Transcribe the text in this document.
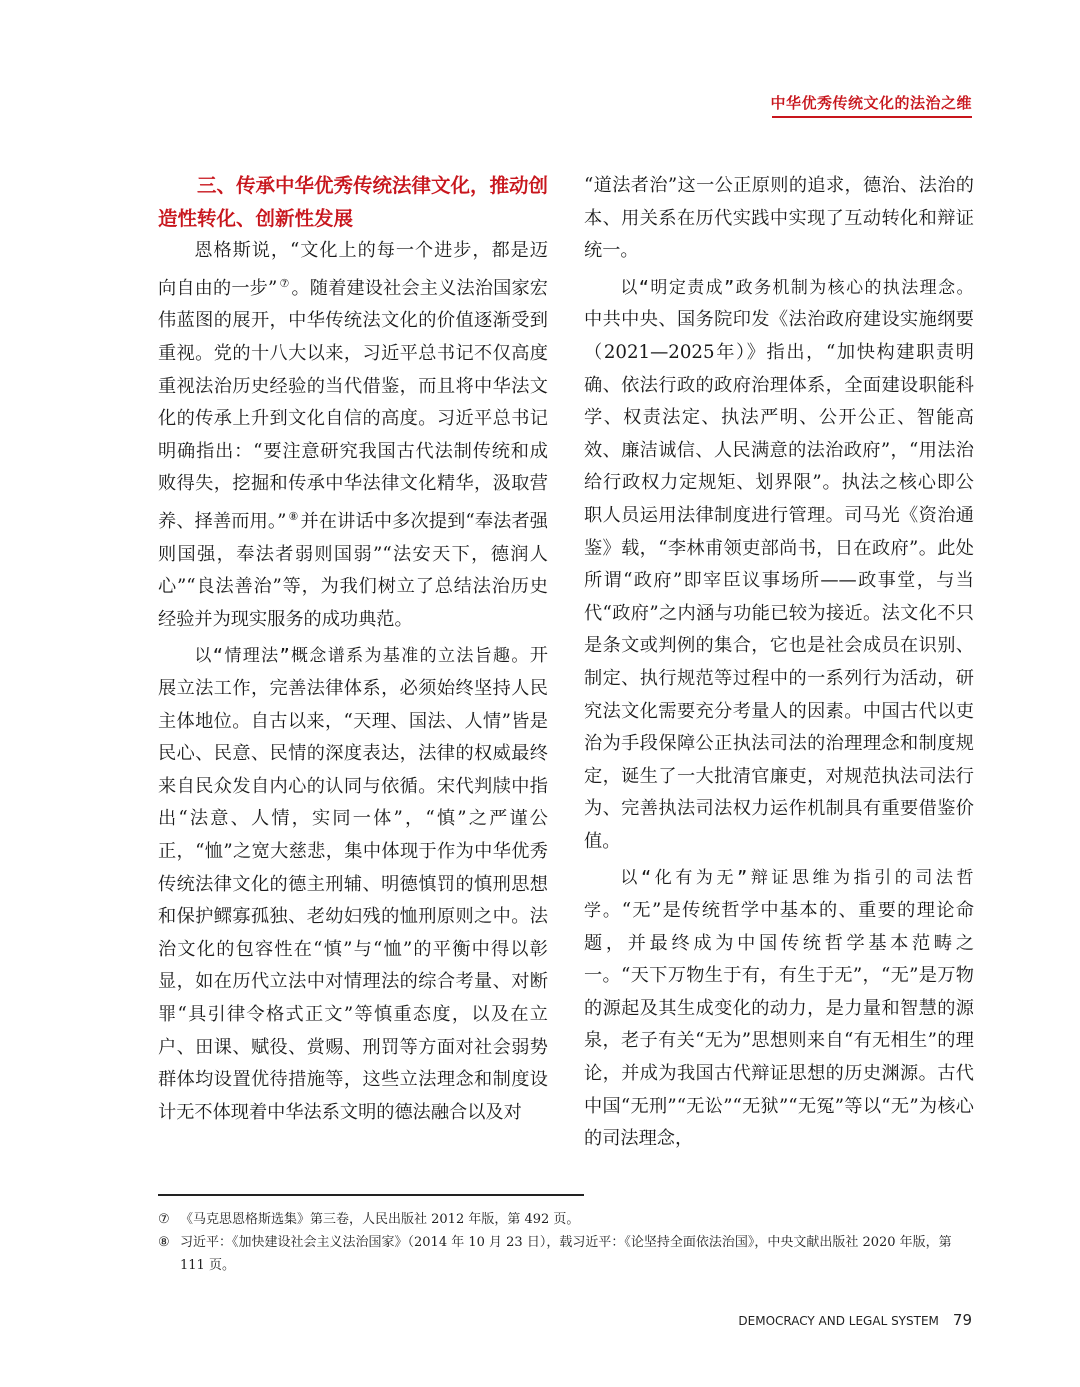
中华优秀传统文化的法治之维
三、传承中华优秀传统法律文化，推动创造性转化、创新性发展

恩格斯说，“文化上的每一个进步，都是迈向自由的一步” ⑦ 。随着建设社会主义法治国家宏伟蓝图的展开，中华传统法文化的价值逐渐受到重视。党的十八大以来，习近平总书记不仅高度重视法治历史经验的当代借鉴，而且将中华法文化的传承上升到文化自信的高度。习近平总书记明确指出：“要注意研究我国古代法制传统和成败得失，挖掘和传承中华法律文化精华，汲取营养、择善而用。” ⑧ 并在讲话中多次提到“奉法者强则国强，奉法者弱则国弱”“法安天下，德润人心”“良法善治”等，为我们树立了总结法治历史经验并为现实服务的成功典范。

以“情理法”概念谱系为基准的立法旨趣。开展立法工作，完善法律体系，必须始终坚持人民主体地位。自古以来，“天理、国法、人情”皆是民心、民意、民情的深度表达，法律的权威最终来自民众发自内心的认同与依循。宋代判牍中指出“法意、人情，实同一体”，“慎”之严谨公正，“恤”之宽大慈悲，集中体现于作为中华优秀传统法律文化的德主刑辅、明德慎罚的慎刑思想和保护鳏寡孤独、老幼妇残的恤刑原则之中。法治文化的包容性在“慎”与“恤”的平衡中得以彰显，如在历代立法中对情理法的综合考量、对断罪“具引律令格式正文”等慎重态度，以及在立户、田课、赋役、赏赐、刑罚等方面对社会弱势群体均设置优待措施等，这些立法理念和制度设计无不体现着中华法系文明的德法融合以及对

“道法者治”这一公正原则的追求，德治、法治的本、用关系在历代实践中实现了互动转化和辩证统一。

以“明定责成”政务机制为核心的执法理念。中共中央、国务院印发《法治政府建设实施纲要（2021—2025年）》指出，“加快构建职责明确、依法行政的政府治理体系，全面建设职能科学、权责法定、执法严明、公开公正、智能高效、廉洁诚信、人民满意的法治政府”，“用法治给行政权力定规矩、划界限”。执法之核心即公职人员运用法律制度进行管理。司马光《资治通鉴》载，“李林甫领吏部尚书，日在政府”。此处所谓“政府”即宰臣议事场所——政事堂，与当代“政府”之内涵与功能已较为接近。法文化不只是条文或判例的集合，它也是社会成员在识别、制定、执行规范等过程中的一系列行为活动，研究法文化需要充分考量人的因素。中国古代以吏治为手段保障公正执法司法的治理理念和制度规定，诞生了一大批清官廉吏，对规范执法司法行为、完善执法司法权力运作机制具有重要借鉴价值。

以“化有为无”辩证思维为指引的司法哲学。“无”是传统哲学中基本的、重要的理论命题，并最终成为中国传统哲学基本范畴之一。“天下万物生于有，有生于无”，“无”是万物的源起及其生成变化的动力，是力量和智慧的源泉，老子有关“无为”思想则来自“有无相生”的理论，并成为我国古代辩证思想的历史渊源。古代中国“无刑”“无讼”“无狱”“无冤”等以“无”为核心的司法理念，

⑦ 《马克思恩格斯选集》第三卷，人民出版社 2012 年版，第 492 页。
⑧ 习近平：《加快建设社会主义法治国家》（2014 年 10 月 23 日），载习近平：《论坚持全面依法治国》，中央文献出版社 2020 年版，第 111 页。
DEMOCRACY AND LEGAL SYSTEM 79
